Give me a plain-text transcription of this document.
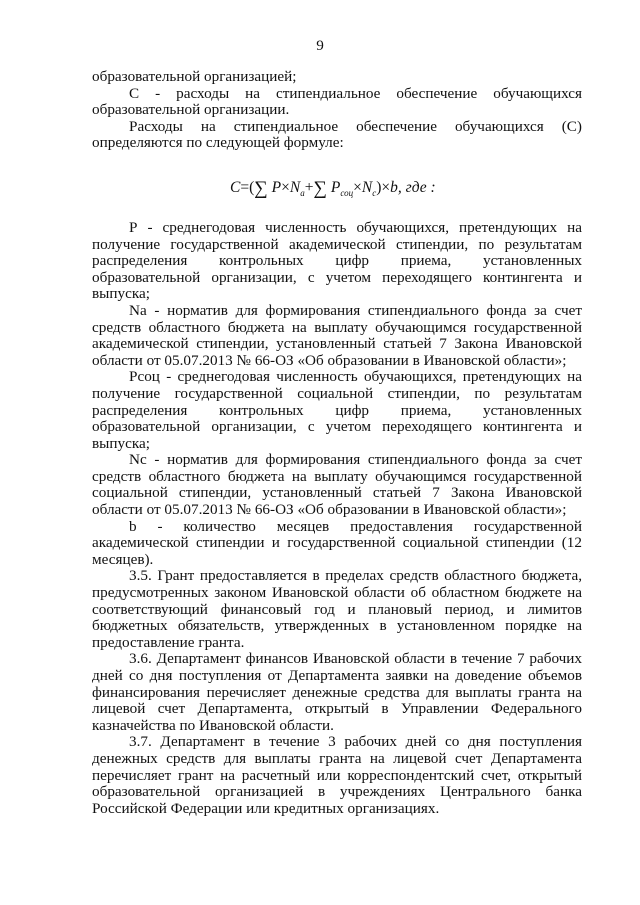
9

образовательной организацией;

С - расходы на стипендиальное обеспечение обучающихся образовательной организации.

Расходы на стипендиальное обеспечение обучающихся (С) определяются по следующей формуле:

C=(∑ $P\times N_a+\sum$ $P_{соц}\times N_с)\times b$, где :

Р - среднегодовая численность обучающихся, претендующих на получение государственной академической стипендии, по результатам распределения контрольных цифр приема, установленных образовательной организации, с учетом переходящего контингента и выпуска;

Na - норматив для формирования стипендиального фонда за счет средств областного бюджета на выплату обучающимся государственной академической стипендии, установленный статьей 7 Закона Ивановской области от 05.07.2013 № 66-ОЗ «Об образовании в Ивановской области»;

Рсоц - среднегодовая численность обучающихся, претендующих на получение государственной социальной стипендии, по результатам распределения контрольных цифр приема, установленных образовательной организации, с учетом переходящего контингента и выпуска;

Nc - норматив для формирования стипендиального фонда за счет средств областного бюджета на выплату обучающимся государственной социальной стипендии, установленный статьей 7 Закона Ивановской области от 05.07.2013 № 66-ОЗ «Об образовании в Ивановской области»;

b - количество месяцев предоставления государственной академической стипендии и государственной социальной стипендии (12 месяцев).

3.5. Грант предоставляется в пределах средств областного бюджета, предусмотренных законом Ивановской области об областном бюджете на соответствующий финансовый год и плановый период, и лимитов бюджетных обязательств, утвержденных в установленном порядке на предоставление гранта.

3.6. Департамент финансов Ивановской области в течение 7 рабочих дней со дня поступления от Департамента заявки на доведение объемов финансирования перечисляет денежные средства для выплаты гранта на лицевой счет Департамента, открытый в Управлении Федерального казначейства по Ивановской области.

3.7. Департамент в течение 3 рабочих дней со дня поступления денежных средств для выплаты гранта на лицевой счет Департамента перечисляет грант на расчетный или корреспондентский счет, открытый образовательной организацией в учреждениях Центрального банка Российской Федерации или кредитных организациях.
